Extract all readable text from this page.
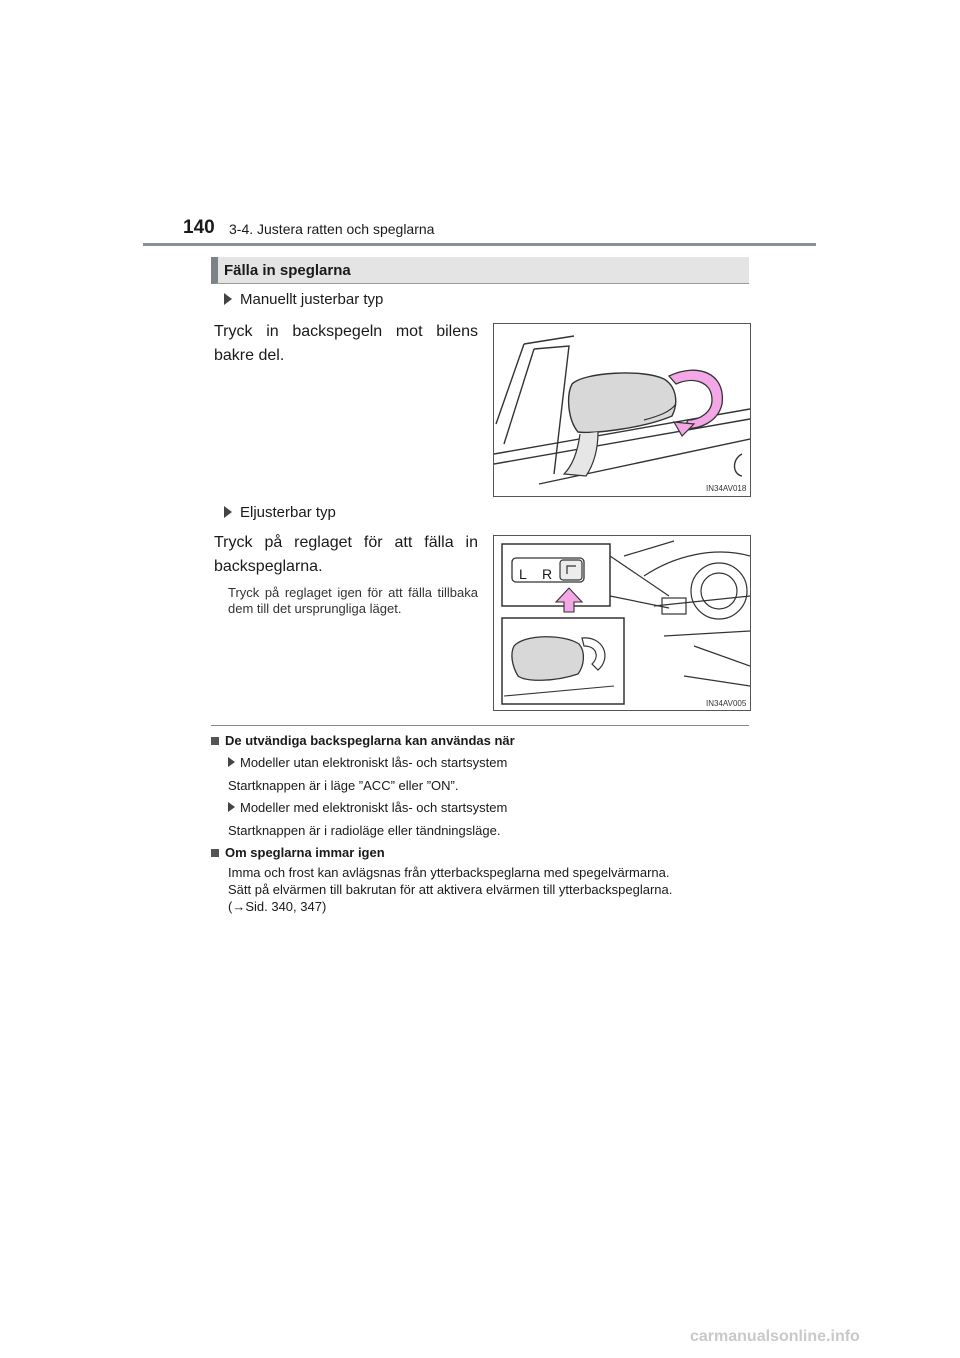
140 3-4. Justera ratten och speglarna
Fälla in speglarna
Manuellt justerbar typ
Tryck in backspegeln mot bilens bakre del.
IN34AV018
Eljusterbar typ
Tryck på reglaget för att fälla in backspeglarna.
Tryck på reglaget igen för att fälla tillbaka dem till det ursprungliga läget.
L R
IN34AV005
De utvändiga backspeglarna kan användas när
Modeller utan elektroniskt lås- och startsystem
Startknappen är i läge ”ACC” eller ”ON”.
Modeller med elektroniskt lås- och startsystem
Startknappen är i radioläge eller tändningsläge.
Om speglarna immar igen
Imma och frost kan avlägsnas från ytterbackspeglarna med spegelvärmarna.
Sätt på elvärmen till bakrutan för att aktivera elvärmen till ytterbackspeglarna.
(→Sid. 340, 347)
carmanualsonline.info
